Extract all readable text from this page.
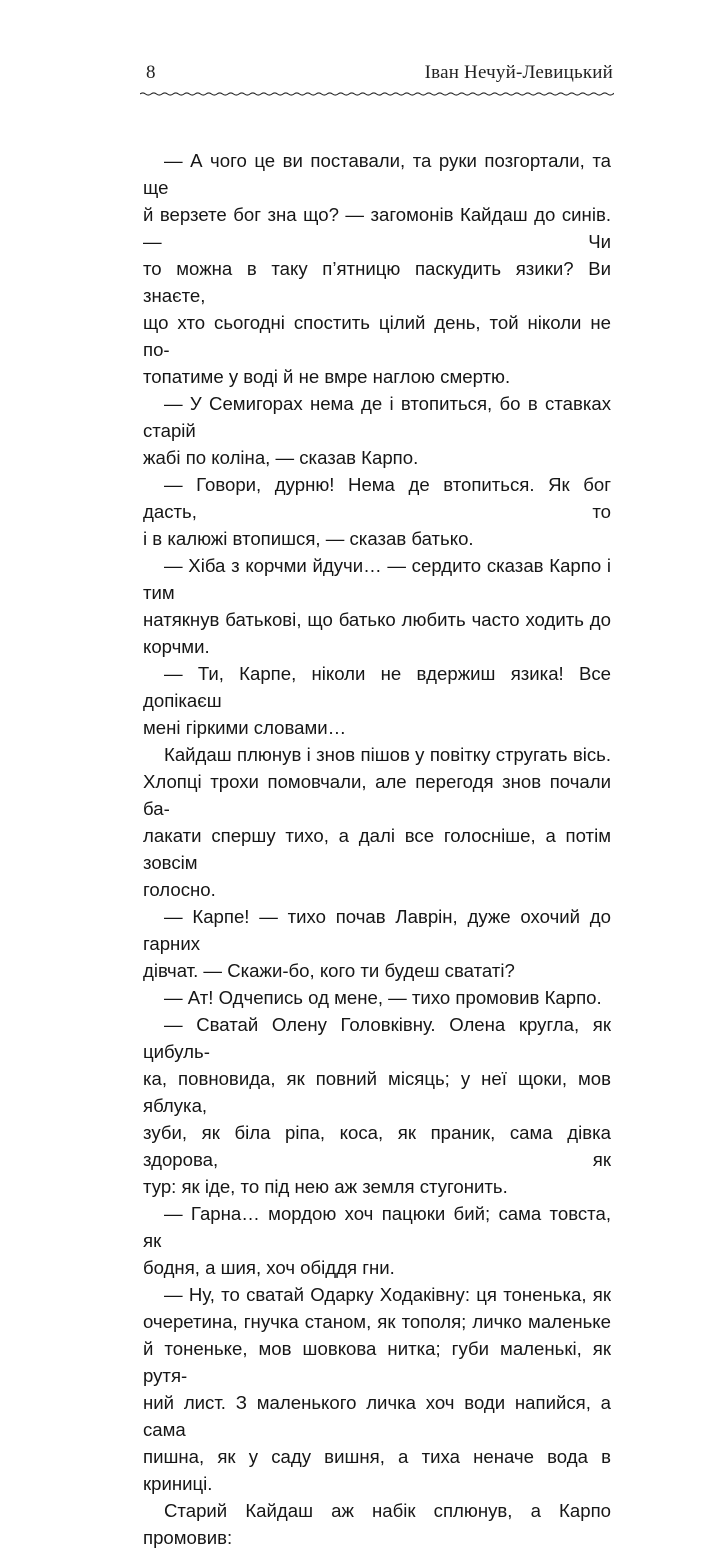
8	Іван Нечуй-Левицький
— А чого це ви поставали, та руки позгортали, та ще
й верзете бог зна що? — загомонів Кайдаш до синів. — Чи
то можна в таку п’ятницю паскудить язики? Ви знаєте,
що хто сьогодні спостить цілий день, той ніколи не по-
топатиме у воді й не вмре наглою смертю.
— У Семигорах нема де і втопиться, бо в ставках старій
жабі по коліна, — сказав Карпо.
— Говори, дурню! Нема де втопиться. Як бог дасть, то
і в калюжі втопишся, — сказав батько.
— Хіба з корчми йдучи… — сердито сказав Карпо і тим
натякнув батькові, що батько любить часто ходить до
корчми.
— Ти, Карпе, ніколи не вдержиш язика! Все допікаєш
мені гіркими словами…
Кайдаш плюнув і знов пішов у повітку стругать вісь.
Хлопці трохи помовчали, але перегодя знов почали ба-
лакати спершу тихо, а далі все голосніше, а потім зовсім
голосно.
— Карпе! — тихо почав Лаврін, дуже охочий до гарних
дівчат. — Скажи-бо, кого ти будеш свататі?
— Ат! Одчепись од мене, — тихо промовив Карпо.
— Сватай Олену Головківну. Олена кругла, як цибуль-
ка, повновида, як повний місяць; у неї щоки, мов яблука,
зуби, як біла ріпа, коса, як праник, сама дівка здорова, як
тур: як іде, то під нею аж земля стугонить.
— Гарна… мордою хоч пацюки бий; сама товста, як
бодня, а шия, хоч обіддя гни.
— Ну, то сватай Одарку Ходаківну: ця тоненька, як
очеретина, гнучка станом, як тополя; личко маленьке
й тоненьке, мов шовкова нитка; губи маленькі, як рутя-
ний лист. З маленького личка хоч води напийся, а сама
пишна, як у саду вишня, а тиха неначе вода в криниці.
Старий Кайдаш аж набік сплюнув, а Карпо промовив:
